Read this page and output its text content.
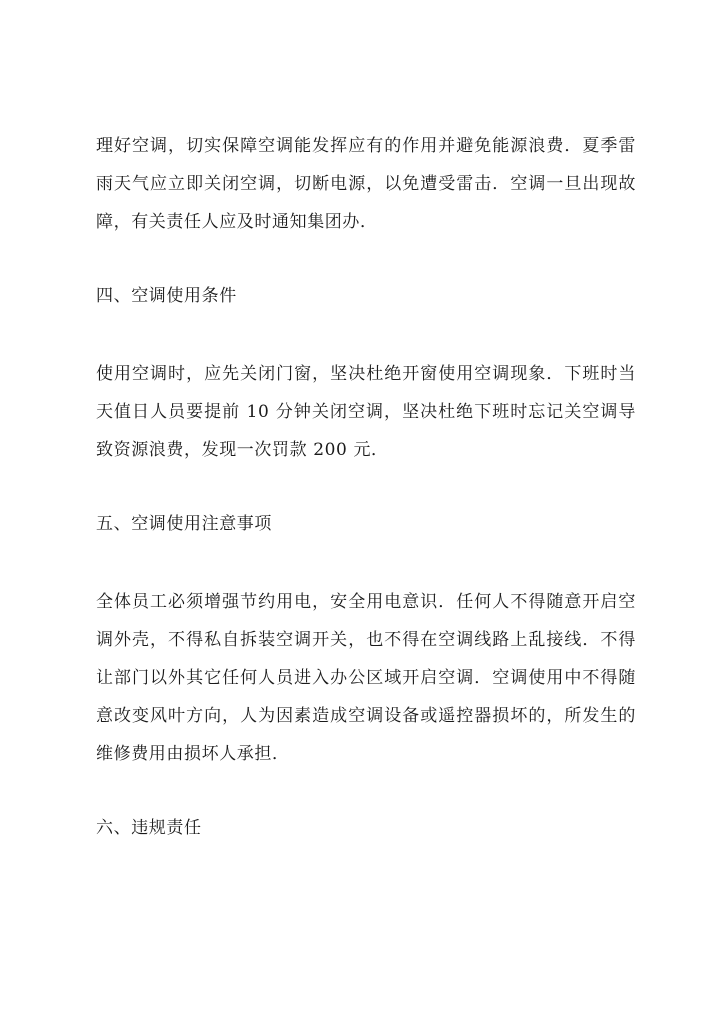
理好空调，切实保障空调能发挥应有的作用并避免能源浪费．夏季雷雨天气应立即关闭空调，切断电源，以免遭受雷击．空调一旦出现故障，有关责任人应及时通知集团办．

四、空调使用条件

使用空调时，应先关闭门窗，坚决杜绝开窗使用空调现象．下班时当天值日人员要提前 10 分钟关闭空调，坚决杜绝下班时忘记关空调导致资源浪费，发现一次罚款 200 元．

五、空调使用注意事项

全体员工必须增强节约用电，安全用电意识．任何人不得随意开启空调外壳，不得私自拆装空调开关，也不得在空调线路上乱接线．不得让部门以外其它任何人员进入办公区域开启空调．空调使用中不得随意改变风叶方向，人为因素造成空调设备或遥控器损坏的，所发生的维修费用由损坏人承担．

六、违规责任
